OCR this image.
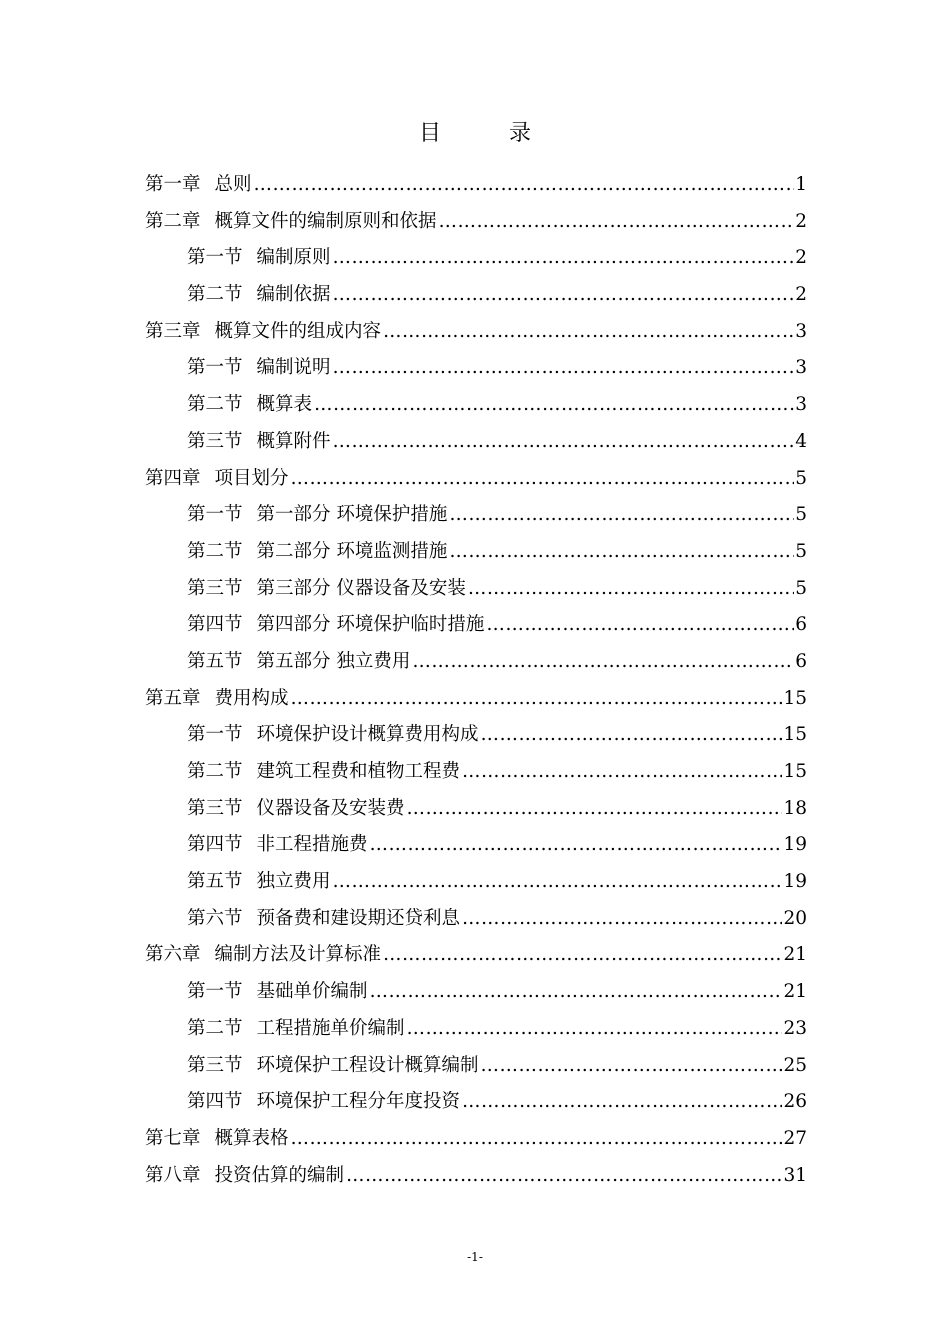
目	录
第一章 总则 ……………………………………………………………………………………………………………………………………………………………………	1
第二章 概算文件的编制原则和依据 ……………………………………………………………………………………………………………………………………………………………………	2
第一节 编制原则 ……………………………………………………………………………………………………………………………………………………………………	2
第二节 编制依据 ……………………………………………………………………………………………………………………………………………………………………	2
第三章 概算文件的组成内容 ……………………………………………………………………………………………………………………………………………………………………	3
第一节 编制说明 ……………………………………………………………………………………………………………………………………………………………………	3
第二节 概算表 ……………………………………………………………………………………………………………………………………………………………………	3
第三节 概算附件 ……………………………………………………………………………………………………………………………………………………………………	4
第四章 项目划分 ……………………………………………………………………………………………………………………………………………………………………	5
第一节 第一部分 环境保护措施 ……………………………………………………………………………………………………………………………………………………………………	5
第二节 第二部分 环境监测措施 ……………………………………………………………………………………………………………………………………………………………………	5
第三节 第三部分 仪器设备及安装 ……………………………………………………………………………………………………………………………………………………………………	5
第四节 第四部分 环境保护临时措施 ……………………………………………………………………………………………………………………………………………………………………	6
第五节 第五部分 独立费用 ……………………………………………………………………………………………………………………………………………………………………	6
第五章 费用构成 ……………………………………………………………………………………………………………………………………………………………………	15
第一节 环境保护设计概算费用构成 ……………………………………………………………………………………………………………………………………………………………………	15
第二节 建筑工程费和植物工程费 ……………………………………………………………………………………………………………………………………………………………………	15
第三节 仪器设备及安装费 ……………………………………………………………………………………………………………………………………………………………………	18
第四节 非工程措施费 ……………………………………………………………………………………………………………………………………………………………………	19
第五节 独立费用 ……………………………………………………………………………………………………………………………………………………………………	19
第六节 预备费和建设期还贷利息 ……………………………………………………………………………………………………………………………………………………………………	20
第六章 编制方法及计算标准 ……………………………………………………………………………………………………………………………………………………………………	21
第一节 基础单价编制 ……………………………………………………………………………………………………………………………………………………………………	21
第二节 工程措施单价编制 ……………………………………………………………………………………………………………………………………………………………………	23
第三节 环境保护工程设计概算编制 ……………………………………………………………………………………………………………………………………………………………………	25
第四节 环境保护工程分年度投资 ……………………………………………………………………………………………………………………………………………………………………	26
第七章 概算表格 ……………………………………………………………………………………………………………………………………………………………………	27
第八章 投资估算的编制 ……………………………………………………………………………………………………………………………………………………………………	31
-1-
